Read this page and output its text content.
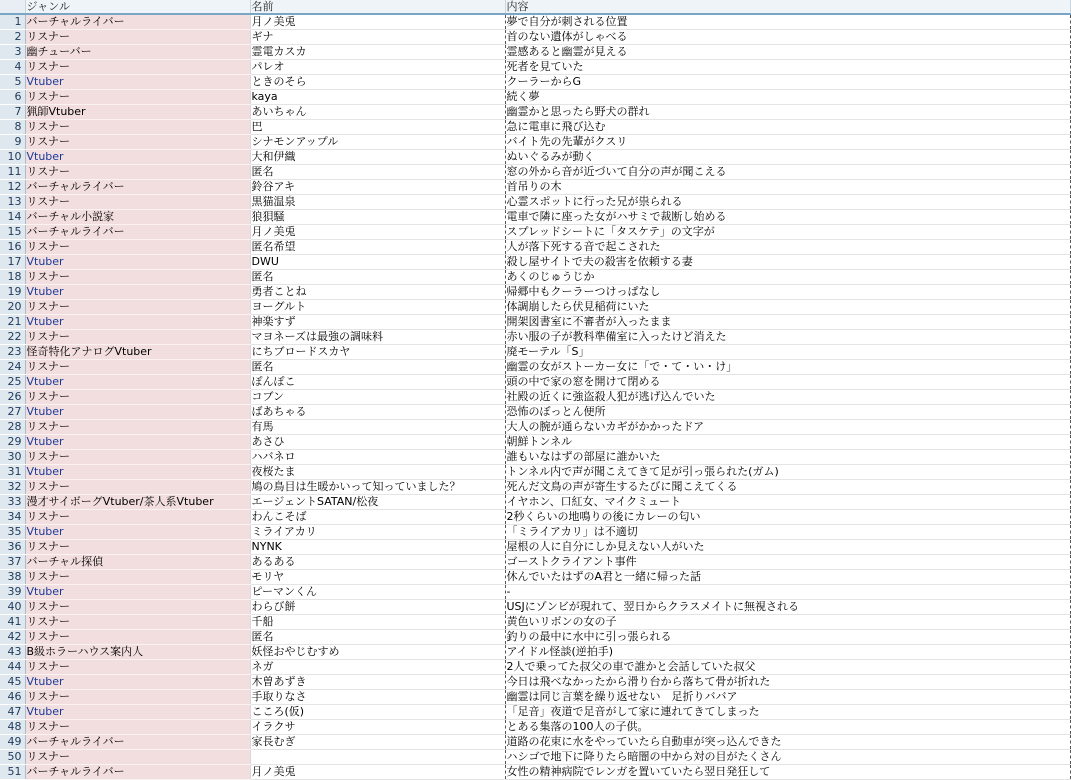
	ジャンル	名前	内容
1	バーチャルライバー	月ノ美兎	夢で自分が刺される位置
2	リスナー	ギナ	首のない遺体がしゃべる
3	幽チューバー	霊電カスカ	霊感あると幽霊が見える
4	リスナー	パレオ	死者を見ていた
5	Vtuber	ときのそら	クーラーからG
6	リスナー	kaya	続く夢
7	猟師Vtuber	あいちゃん	幽霊かと思ったら野犬の群れ
8	リスナー	巴	急に電車に飛び込む
9	リスナー	シナモンアップル	バイト先の先輩がクスリ
10	Vtuber	大和伊織	ぬいぐるみが動く
11	リスナー	匿名	窓の外から音が近づいて自分の声が聞こえる
12	バーチャルライバー	鈴谷アキ	首吊りの木
13	リスナー	黒猫温泉	心霊スポットに行った兄が祟られる
14	バーチャル小説家	狼狽騒	電車で隣に座った女がハサミで裁断し始める
15	バーチャルライバー	月ノ美兎	スプレッドシートに「タスケテ」の文字が
16	リスナー	匿名希望	人が落下死する音で起こされた
17	Vtuber	DWU	殺し屋サイトで夫の殺害を依頼する妻
18	リスナー	匿名	あくのじゅうじか
19	Vtuber	勇者ことね	帰郷中もクーラーつけっぱなし
20	リスナー	ヨーグルト	体調崩したら伏見稲荷にいた
21	Vtuber	神楽すず	開架図書室に不審者が入ったまま
22	リスナー	マヨネーズは最強の調味料	赤い服の子が教科準備室に入ったけど消えた
23	怪奇特化アナログVtuber	にちブロードスカヤ	廃モーテル「S」
24	リスナー	匿名	幽霊の女がストーカー女に「で・て・い・け」
25	Vtuber	ぽんぽこ	頭の中で家の窓を開けて閉める
26	リスナー	コブン	社殿の近くに強盗殺人犯が逃げ込んでいた
27	Vtuber	ばあちゃる	恐怖のぼっとん便所
28	リスナー	有馬	大人の腕が通らないカギがかかったドア
29	Vtuber	あさひ	朝鮮トンネル
30	リスナー	ハバネロ	誰もいなはずの部屋に誰かいた
31	Vtuber	夜桜たま	トンネル内で声が聞こえてきて足が引っ張られた(ガム)
32	リスナー	鳩の鳥目は生暖かいって知っていました？	死んだ文鳥の声が寄生するたびに聞こえてくる
33	漫才サイボーグVtuber/茶人系Vtuber	エージェントSATAN/松夜	イヤホン、口紅女、マイクミュート
34	リスナー	わんこそば	2秒くらいの地鳴りの後にカレーの匂い
35	Vtuber	ミライアカリ	「ミライアカリ」は不適切
36	リスナー	NYNK	屋根の人に自分にしか見えない人がいた
37	バーチャル探偵	あるある	ゴーストクライアント事件
38	リスナー	モリヤ	休んでいたはずのA君と一緒に帰った話
39	Vtuber	ピーマンくん	-
40	リスナー	わらび餅	USJにゾンビが現れて、翌日からクラスメイトに無視される
41	リスナー	千船	黄色いリボンの女の子
42	リスナー	匿名	釣りの最中に水中に引っ張られる
43	B級ホラーハウス案内人	妖怪おやじむすめ	アイドル怪談(逆拍手)
44	リスナー	ネガ	2人で乗ってた叔父の車で誰かと会話していた叔父
45	Vtuber	木曽あずき	今日は飛べなかったから滑り台から落ちて骨が折れた
46	リスナー	手取りなさ	幽霊は同じ言葉を繰り返せない　足折りババア
47	Vtuber	こころ(仮)	「足音」夜道で足音がして家に連れてきてしまった
48	リスナー	イラクサ	とある集落の100人の子供。
49	バーチャルライバー	家長むぎ	道路の花束に水をやっていたら自動車が突っ込んできた
50	リスナー		ハシゴで地下に降りたら暗闇の中から対の目がたくさん
51	バーチャルライバー	月ノ美兎	女性の精神病院でレンガを置いていたら翌日発狂して
